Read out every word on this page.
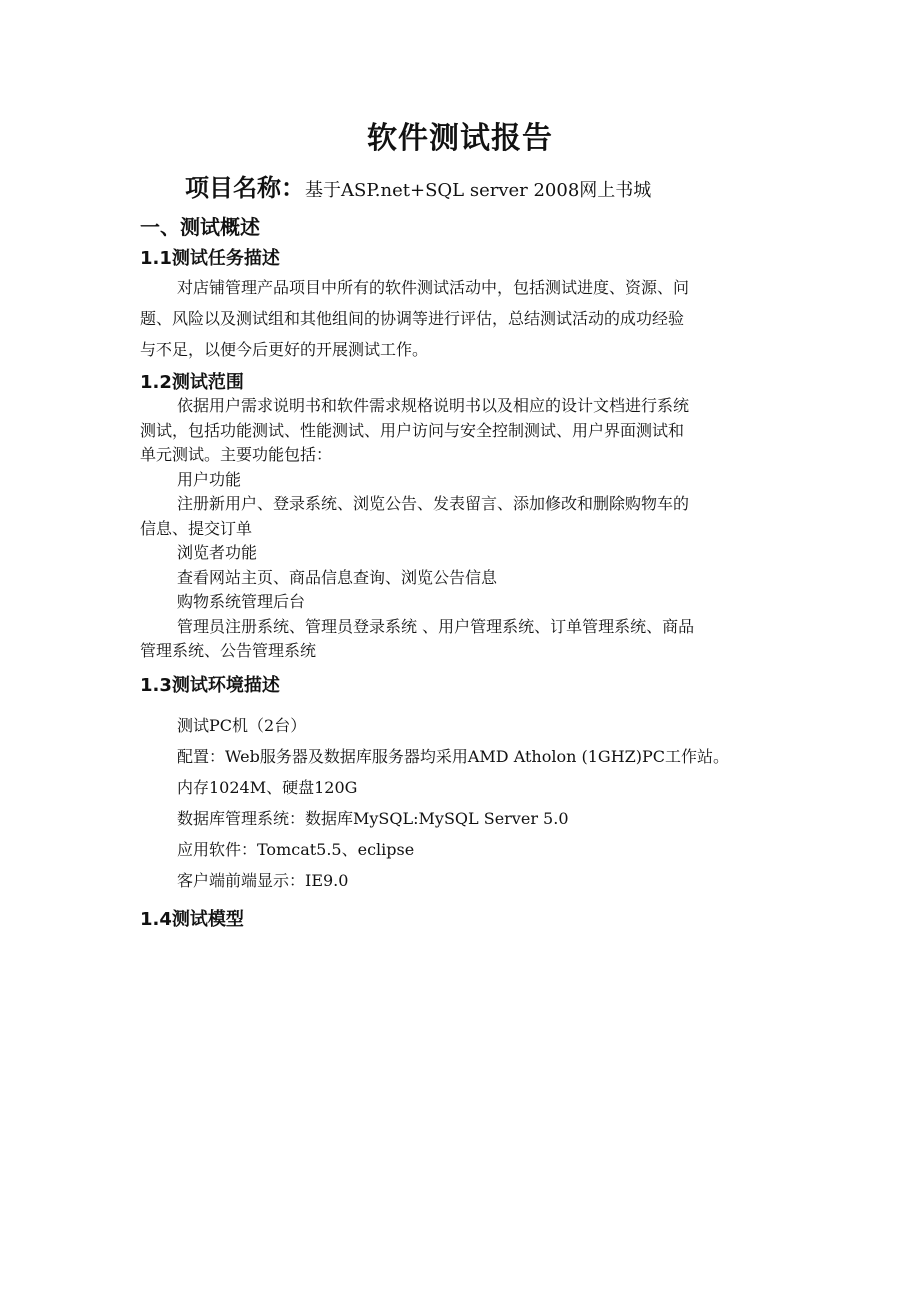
软件测试报告

项目名称：基于ASP.net+SQL server 2008网上书城

一、测试概述
1.1测试任务描述
对店铺管理产品项目中所有的软件测试活动中，包括测试进度、资源、问
题、风险以及测试组和其他组间的协调等进行评估，总结测试活动的成功经验
与不足，以便今后更好的开展测试工作。
1.2测试范围
依据用户需求说明书和软件需求规格说明书以及相应的设计文档进行系统
测试，包括功能测试、性能测试、用户访问与安全控制测试、用户界面测试和
单元测试。主要功能包括：
用户功能
注册新用户、登录系统、浏览公告、发表留言、添加修改和删除购物车的
信息、提交订单
浏览者功能
查看网站主页、商品信息查询、浏览公告信息
购物系统管理后台
管理员注册系统、管理员登录系统 、用户管理系统、订单管理系统、商品
管理系统、公告管理系统
1.3测试环境描述
测试PC机（2台）
配置：Web服务器及数据库服务器均采用AMD Atholon (1GHZ)PC工作站。
内存1024M、硬盘120G
数据库管理系统：数据库MySQL:MySQL Server 5.0
应用软件：Tomcat5.5、eclipse
客户端前端显示：IE9.0
1.4测试模型
